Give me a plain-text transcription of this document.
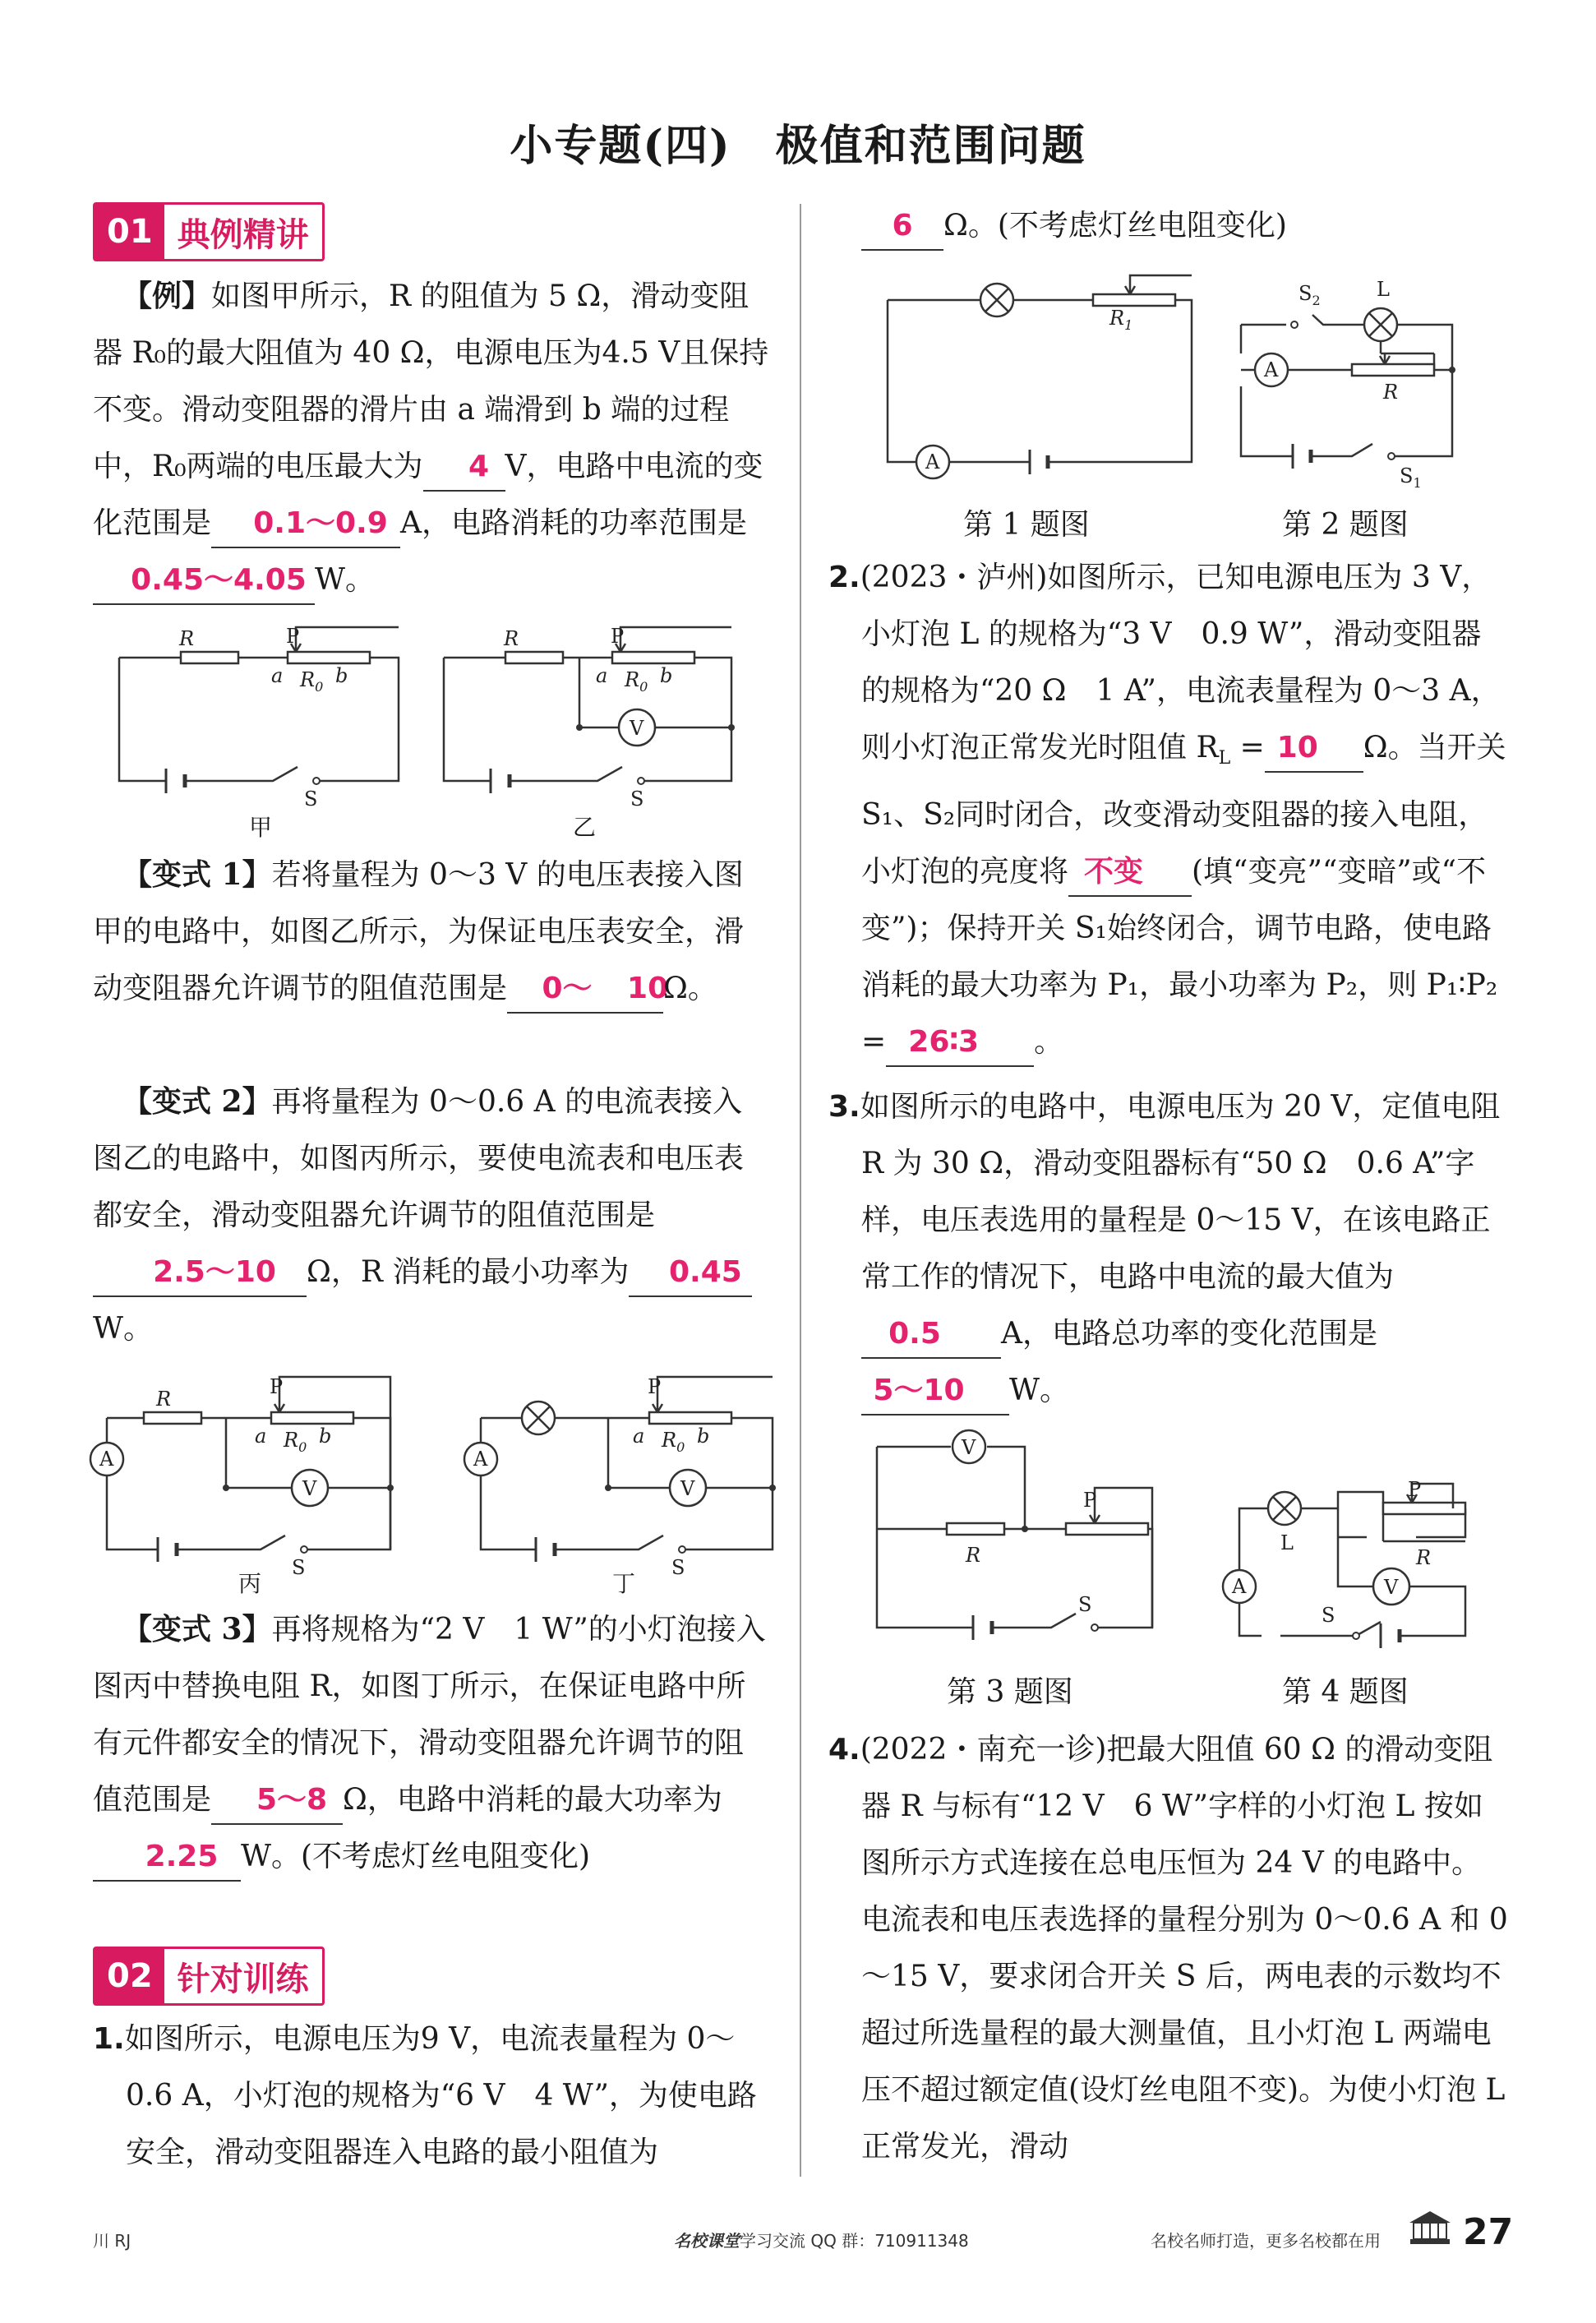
小专题(四)　极值和范围问题
01 典例精讲

【例】如图甲所示，R 的阻值为 5 Ω，滑动变阻器 R₀的最大阻值为 40 Ω，电源电压为4.5 V且保持不变。滑动变阻器的滑片由 a 端滑到 b 端的过程中，R₀两端的电压最大为 4 V，电路中电流的变化范围是 0.1～0.9 A，电路消耗的功率范围是0.45～4.05 W。

R	P
a $R_0$ b
S
甲
V
R	P
a $R_0$ b
S
乙

【变式 1】若将量程为 0～3 V 的电压表接入图甲的电路中，如图乙所示，为保证电压表安全，滑动变阻器允许调节的阻值范围是 0～ 10Ω。

【变式 2】再将量程为 0～0.6 A 的电流表接入图乙的电路中，如图丙所示，要使电流表和电压表都安全，滑动变阻器允许调节的阻值范围是2.5～10 Ω，R 消耗的最小功率为 0.45W。

A
V
R
P
a $R_0$ b
S
丙
A
V
P
a $R_0$ b
S
丁

【变式 3】再将规格为“2 V　1 W”的小灯泡接入图丙中替换电阻 R，如图丁所示，在保证电路中所有元件都安全的情况下，滑动变阻器允许调节的阻值范围是 5～8 Ω，电路中消耗的最大功率为2.25 W。(不考虑灯丝电阻变化)

02 针对训练

1.如图所示，电源电压为9 V，电流表量程为 0～0.6 A，小灯泡的规格为“6 V　4 W”，为使电路安全，滑动变阻器连入电路的最小阻值为

6 Ω。(不考虑灯丝电阻变化)

A
$R_1$
第 1 题图
A
$S_2$	L
R
$S_1$
第 2 题图

2.(2023・泸州)如图所示，已知电源电压为 3 V，小灯泡 L 的规格为“3 V　0.9 W”，滑动变阻器的规格为“20 Ω　1 A”，电流表量程为 0～3 A，则小灯泡正常发光时阻值 $R_L = 10$ Ω。当开关 S₁、S₂同时闭合，改变滑动变阻器的接入电阻，小灯泡的亮度将 不变 (填“变亮”“变暗”或“不变”)；保持开关 S₁始终闭合，调节电路，使电路消耗的最大功率为 P₁，最小功率为 P₂，则 P₁∶P₂ = 26∶3 。

3.如图所示的电路中，电源电压为 20 V，定值电阻 R 为 30 Ω，滑动变阻器标有“50 Ω　0.6 A”字样，电压表选用的量程是 0～15 V，在该电路正常工作的情况下，电路中电流的最大值为0.5 A，电路总功率的变化范围是5～10 W。

V
R
P
S
第 3 题图
V
A
P
R
L
S
第 4 题图

4.(2022・南充一诊)把最大阻值 60 Ω 的滑动变阻器 R 与标有“12 V　6 W”字样的小灯泡 L 按如图所示方式连接在总电压恒为 24 V 的电路中。电流表和电压表选择的量程分别为 0～0.6 A 和 0～15 V，要求闭合开关 S 后，两电表的示数均不超过所选量程的最大测量值，且小灯泡 L 两端电压不超过额定值(设灯丝电阻不变)。为使小灯泡 L 正常发光，滑动

川 RJ	名校课堂学习交流 QQ 群：710911348	名校名师打造，更多名校都在用 27
